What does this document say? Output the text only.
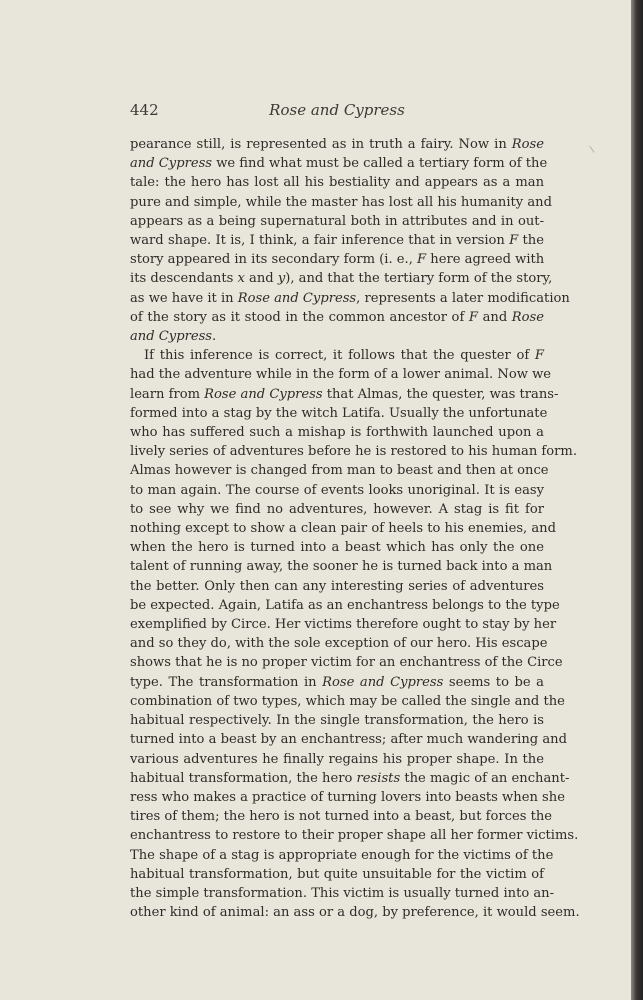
442	Rose and Cypress
pearance still, is represented as in truth a fairy. Now in Rose
and Cypress we find what must be called a tertiary form of the
tale: the hero has lost all his bestiality and appears as a man
pure and simple, while the master has lost all his humanity and
appears as a being supernatural both in attributes and in out-
ward shape. It is, I think, a fair inference that in version F the
story appeared in its secondary form (i. e., F here agreed with
its descendants x and y), and that the tertiary form of the story,
as we have it in Rose and Cypress, represents a later modification
of the story as it stood in the common ancestor of F and Rose
and Cypress.
If this inference is correct, it follows that the quester of F
had the adventure while in the form of a lower animal. Now we
learn from Rose and Cypress that Almas, the quester, was trans-
formed into a stag by the witch Latifa. Usually the unfortunate
who has suffered such a mishap is forthwith launched upon a
lively series of adventures before he is restored to his human form.
Almas however is changed from man to beast and then at once
to man again. The course of events looks unoriginal. It is easy
to see why we find no adventures, however. A stag is fit for
nothing except to show a clean pair of heels to his enemies, and
when the hero is turned into a beast which has only the one
talent of running away, the sooner he is turned back into a man
the better. Only then can any interesting series of adventures
be expected. Again, Latifa as an enchantress belongs to the type
exemplified by Circe. Her victims therefore ought to stay by her
and so they do, with the sole exception of our hero. His escape
shows that he is no proper victim for an enchantress of the Circe
type. The transformation in Rose and Cypress seems to be a
combination of two types, which may be called the single and the
habitual respectively. In the single transformation, the hero is
turned into a beast by an enchantress; after much wandering and
various adventures he finally regains his proper shape. In the
habitual transformation, the hero resists the magic of an enchant-
ress who makes a practice of turning lovers into beasts when she
tires of them; the hero is not turned into a beast, but forces the
enchantress to restore to their proper shape all her former victims.
The shape of a stag is appropriate enough for the victims of the
habitual transformation, but quite unsuitable for the victim of
the simple transformation. This victim is usually turned into an-
other kind of animal: an ass or a dog, by preference, it would seem.
